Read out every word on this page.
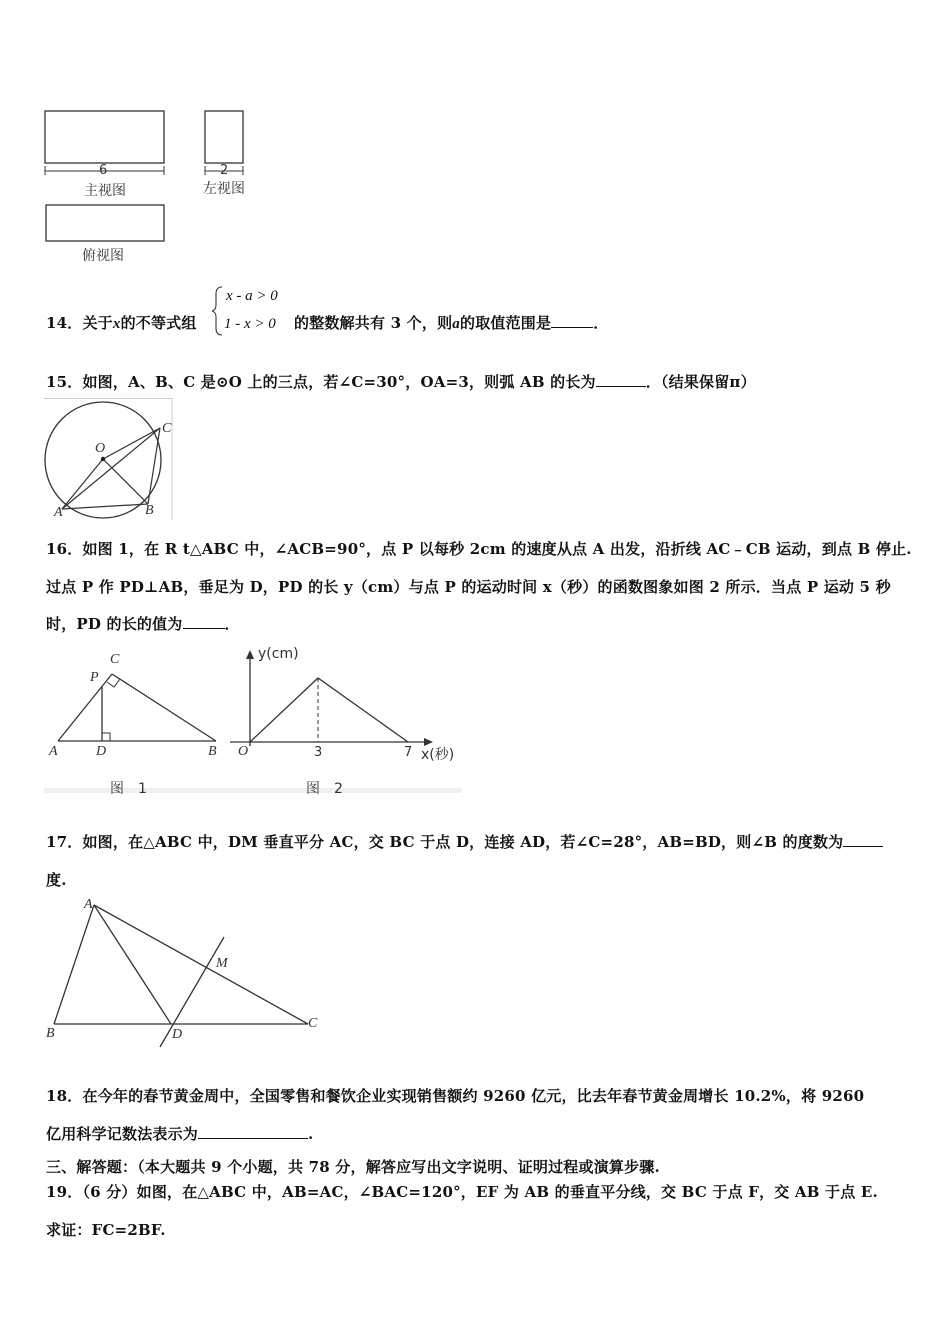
6
主视图
2
左视图
俯视图
14．关于x的不等式组
x - a > 0
1 - x > 0 的整数解共有 3 个，则a的取值范围是	．
15．如图，A、B、C 是⊙O 上的三点，若∠C=30°，OA=3，则弧 AB 的长为	．（结果保留π）
O
C
A	B
16．如图 1，在 R t△ABC 中，∠ACB=90°，点 P 以每秒 2cm 的速度从点 A 出发，沿折线 AC﹣CB 运动，到点 B 停止.
过点 P 作 PD⊥AB，垂足为 D，PD 的长 y（cm）与点 P 的运动时间 x（秒）的函数图象如图 2 所示．当点 P 运动 5 秒
时，PD 的长的值为	．
C
P
A	D	B
图　1
y(cm)
O	3	7 x(秒)
图　2
17．如图，在△ABC 中，DM 垂直平分 AC，交 BC 于点 D，连接 AD，若∠C=28°，AB=BD，则∠B 的度数为
度.
A
M
B	D
C
18．在今年的春节黄金周中，全国零售和餐饮企业实现销售额约 9260 亿元，比去年春节黄金周增长 10.2%，将 9260
亿用科学记数法表示为	.
三、解答题：（本大题共 9 个小题，共 78 分，解答应写出文字说明、证明过程或演算步骤.
19．（6 分）如图，在△ABC 中，AB=AC，∠BAC=120°，EF 为 AB 的垂直平分线，交 BC 于点 F，交 AB 于点 E.
求证：FC=2BF.
